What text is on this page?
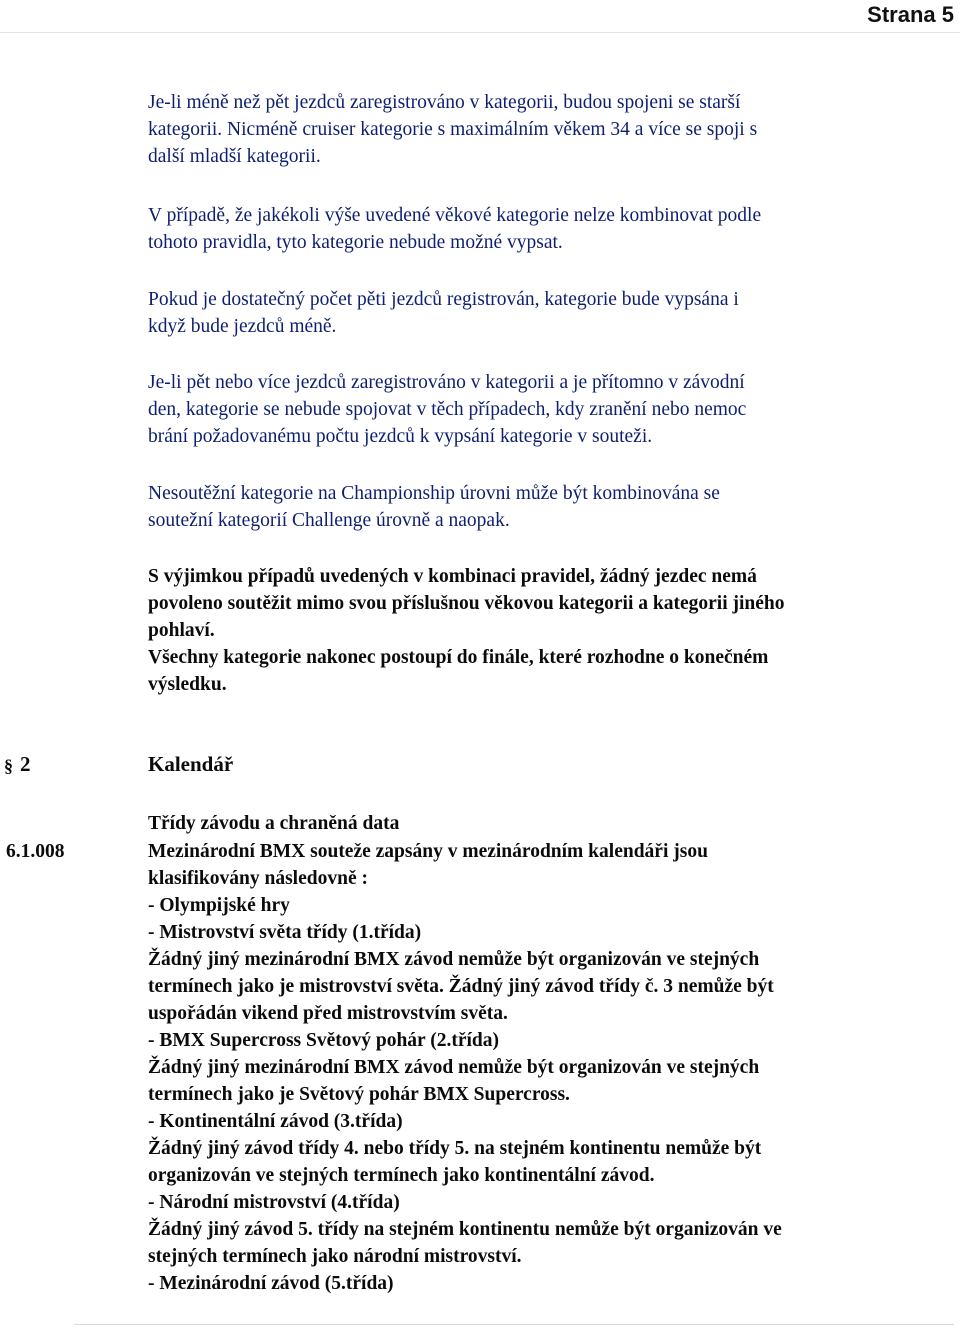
Strana 5

Je-li méně než pět jezdců zaregistrováno v kategorii, budou spojeni se starší
kategorii. Nicméně cruiser kategorie s maximálním věkem 34 a více se spoji s
další mladší kategorii.

V případě, že jakékoli výše uvedené věkové kategorie nelze kombinovat podle
tohoto pravidla, tyto kategorie nebude možné vypsat.

Pokud je dostatečný počet pěti jezdců registrován, kategorie bude vypsána i
když bude jezdců méně.

Je-li pět nebo více jezdců zaregistrováno v kategorii a je přítomno v závodní
den, kategorie se nebude spojovat v těch případech, kdy zranění nebo nemoc
brání požadovanému počtu jezdců k vypsání kategorie v souteži.

Nesoutěžní kategorie na Championship úrovni může být kombinována se
soutežní kategorií Challenge úrovně a naopak.

S výjimkou případů uvedených v kombinaci pravidel, žádný jezdec nemá
povoleno soutěžit mimo svou příslušnou věkovou kategorii a kategorii jiného
pohlaví.
Všechny kategorie nakonec postoupí do finále, které rozhodne o konečném
výsledku.

§ 2	Kalendář

Třídy závodu a chraněná data

6.1.008	Mezinárodní BMX souteže zapsány v mezinárodním kalendáři jsou
klasifikovány následovně :
- Olympijské hry
- Mistrovství světa třídy (1.třída)
Žádný jiný mezinárodní BMX závod nemůže být organizován ve stejných
termínech jako je mistrovství světa. Žádný jiný závod třídy č. 3 nemůže být
uspořádán vikend před mistrovstvím světa.
- BMX Supercross Světový pohár (2.třída)
Žádný jiný mezinárodní BMX závod nemůže být organizován ve stejných
termínech jako je Světový pohár BMX Supercross.
- Kontinentální závod (3.třída)
Žádný jiný závod třídy 4. nebo třídy 5. na stejném kontinentu nemůže být
organizován ve stejných termínech jako kontinentální závod.
- Národní mistrovství (4.třída)
Žádný jiný závod 5. třídy na stejném kontinentu nemůže být organizován ve
stejných termínech jako národní mistrovství.
- Mezinárodní závod (5.třída)
